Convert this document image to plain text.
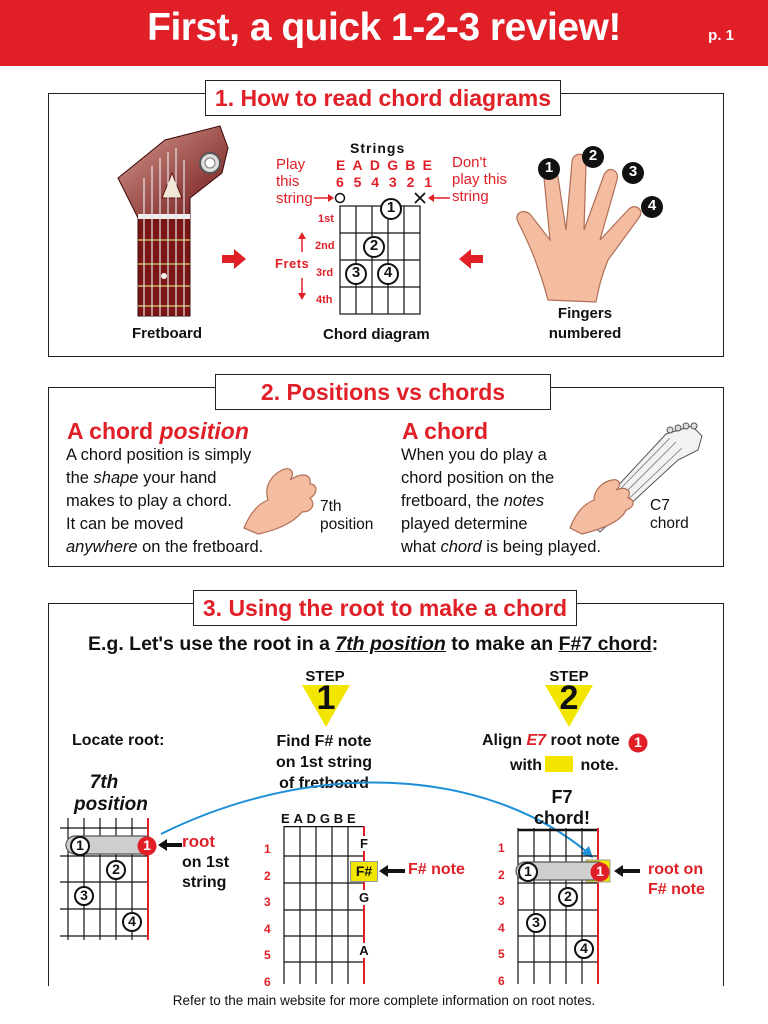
First, a quick 1-2-3 review!	p. 1
1. How to read chord diagrams
Fretboard
Strings
E A D G B E
6 5 4 3 2 1
Play
this
string
Don't
play this
string
1
2
3	4
1st
2nd
3rd
4th
Frets
Chord diagram
1
2
3
4
Fingers
numbered
2. Positions vs chords
A chord position
A chord position is simply
the shape your hand
makes to play a chord.
It can be moved
anywhere on the fretboard.
7th
position
A chord
When you do play a
chord position on the
fretboard, the notes
played determine
what chord is being played.
C7
chord
3. Using the root to make a chord
E.g. Let's use the root in a 7th position to make an F#7 chord:
STEP
1
STEP
2
Locate root:	Find F# note
on 1st string
of fretboard
Align E7 root note	1
with note.
7th
position
1	1
2
3
4
root
on 1st
string
EADGBE
1
2
3
4
5
6
F
F#
G
A
F# note
F7
chord!
1
2
3
4
5
6
1	1
2
3
4
root on
F# note
Refer to the main website for more complete information on root notes.
